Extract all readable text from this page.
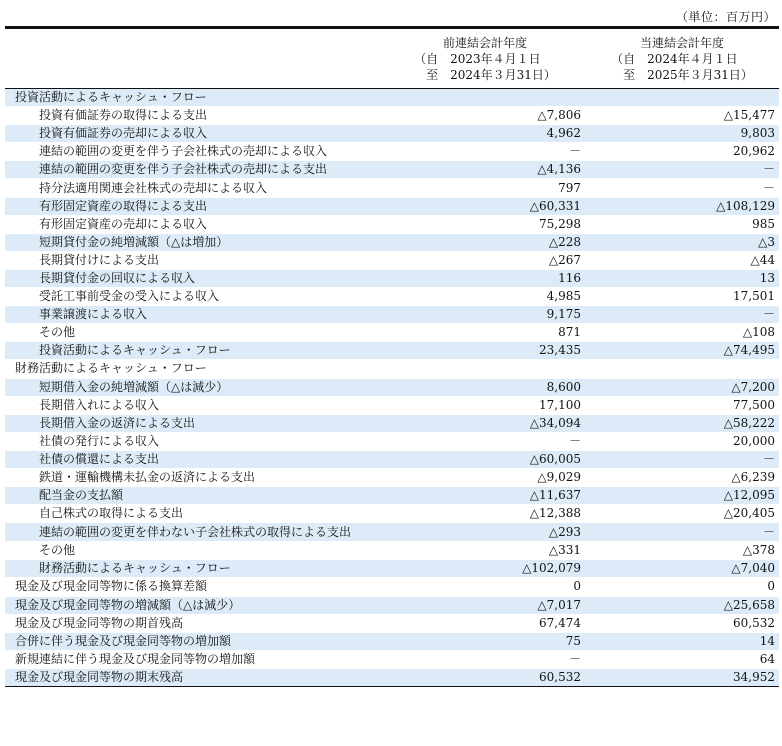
（単位：百万円）

	前連結会計年度
（自　2023年４月１日
至　2024年３月31日）	当連結会計年度
（自　2024年４月１日
至　2025年３月31日）

投資活動によるキャッシュ・フロー		
投資有価証券の取得による支出	△7,806	△15,477
投資有価証券の売却による収入	4,962	9,803
連結の範囲の変更を伴う子会社株式の売却による収入	－	20,962
連結の範囲の変更を伴う子会社株式の売却による支出	△4,136	－
持分法適用関連会社株式の売却による収入	797	－
有形固定資産の取得による支出	△60,331	△108,129
有形固定資産の売却による収入	75,298	985
短期貸付金の純増減額（△は増加）	△228	△3
長期貸付けによる支出	△267	△44
長期貸付金の回収による収入	116	13
受託工事前受金の受入による収入	4,985	17,501
事業譲渡による収入	9,175	－
その他	871	△108
投資活動によるキャッシュ・フロー	23,435	△74,495
財務活動によるキャッシュ・フロー		
短期借入金の純増減額（△は減少）	8,600	△7,200
長期借入れによる収入	17,100	77,500
長期借入金の返済による支出	△34,094	△58,222
社債の発行による収入	－	20,000
社債の償還による支出	△60,005	－
鉄道・運輸機構未払金の返済による支出	△9,029	△6,239
配当金の支払額	△11,637	△12,095
自己株式の取得による支出	△12,388	△20,405
連結の範囲の変更を伴わない子会社株式の取得による支出	△293	－
その他	△331	△378
財務活動によるキャッシュ・フロー	△102,079	△7,040
現金及び現金同等物に係る換算差額	0	0
現金及び現金同等物の増減額（△は減少）	△7,017	△25,658
現金及び現金同等物の期首残高	67,474	60,532
合併に伴う現金及び現金同等物の増加額	75	14
新規連結に伴う現金及び現金同等物の増加額	－	64
現金及び現金同等物の期末残高	60,532	34,952
